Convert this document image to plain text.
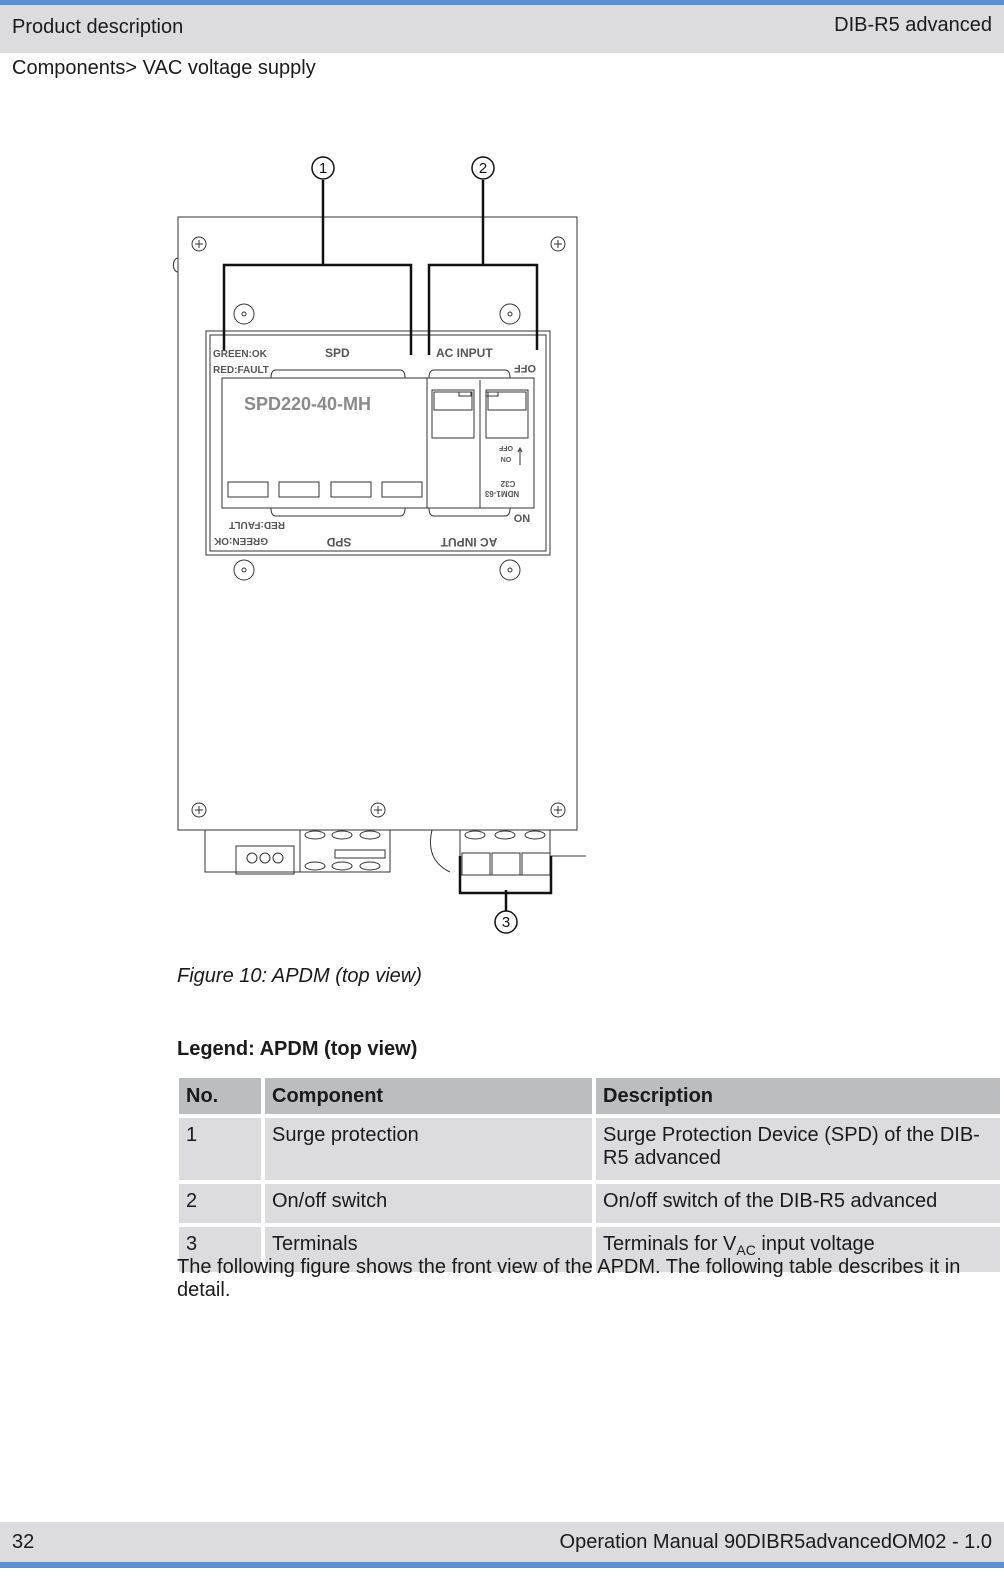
Product description	DIB-R5 advanced
Components> VAC voltage supply
1	2
3
GREEN:OK
RED:FAULT
SPD	AC INPUT
OFF
SPD220-40-MH
RED:FAULT
GREEN:OK	SPD	AC INPUT
ON
NDM1-63
C32
ON
OFF
Figure 10: APDM (top view)
Legend: APDM (top view)
No.	Component	Description
1	Surge protection	Surge Protection Device (SPD) of the DIB-R5 advanced
2	On/off switch	On/off switch of the DIB-R5 advanced
3	Terminals	Terminals for $V_{AC}$ input voltage
The following figure shows the front view of the APDM. The following table describes it in detail.
32	Operation Manual 90DIBR5advancedOM02 - 1.0
